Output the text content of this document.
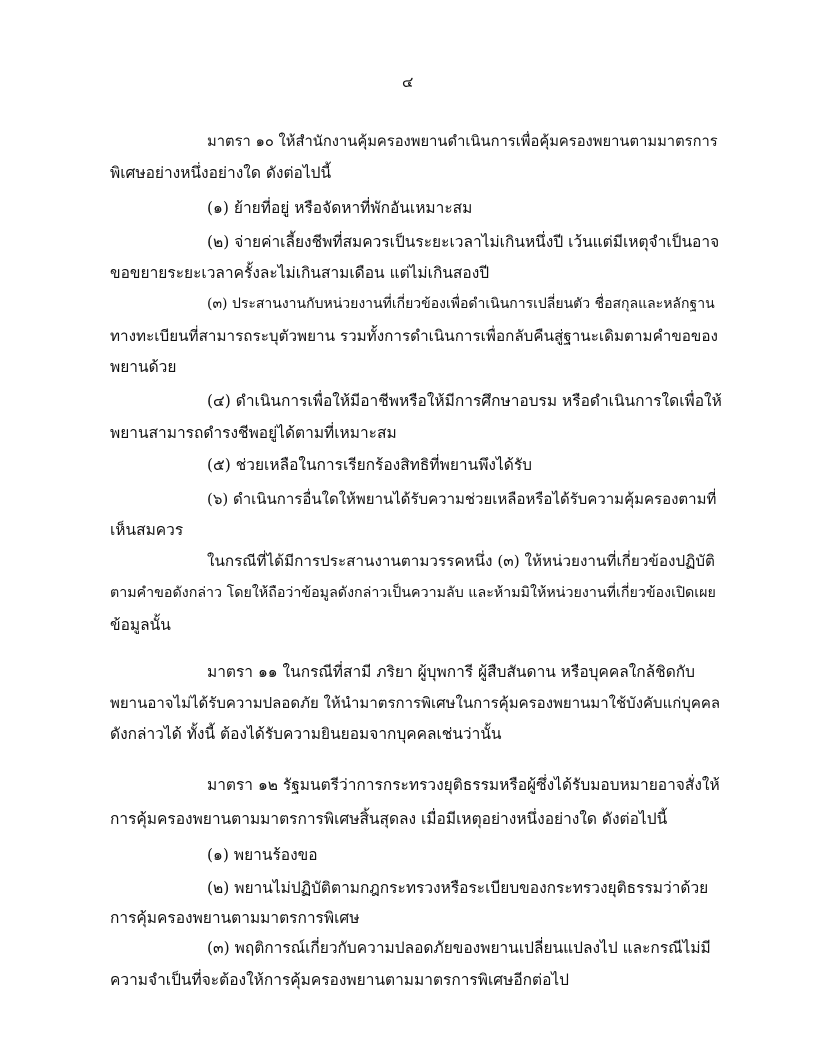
๔
มาตรา ๑๐ ให้สำนักงานคุ้มครองพยานดำเนินการเพื่อคุ้มครองพยานตามมาตรการ
พิเศษอย่างหนึ่งอย่างใด ดังต่อไปนี้
(๑) ย้ายที่อยู่ หรือจัดหาที่พักอันเหมาะสม
(๒) จ่ายค่าเลี้ยงชีพที่สมควรเป็นระยะเวลาไม่เกินหนึ่งปี เว้นแต่มีเหตุจำเป็นอาจ
ขอขยายระยะเวลาครั้งละไม่เกินสามเดือน แต่ไม่เกินสองปี
(๓) ประสานงานกับหน่วยงานที่เกี่ยวข้องเพื่อดำเนินการเปลี่ยนตัว ชื่อสกุลและหลักฐาน
ทางทะเบียนที่สามารถระบุตัวพยาน รวมทั้งการดำเนินการเพื่อกลับคืนสู่ฐานะเดิมตามคำขอของ
พยานด้วย
(๔) ดำเนินการเพื่อให้มีอาชีพหรือให้มีการศึกษาอบรม หรือดำเนินการใดเพื่อให้
พยานสามารถดำรงชีพอยู่ได้ตามที่เหมาะสม
(๕) ช่วยเหลือในการเรียกร้องสิทธิที่พยานพึงได้รับ
(๖) ดำเนินการอื่นใดให้พยานได้รับความช่วยเหลือหรือได้รับความคุ้มครองตามที่
เห็นสมควร
ในกรณีที่ได้มีการประสานงานตามวรรคหนึ่ง (๓) ให้หน่วยงานที่เกี่ยวข้องปฏิบัติ
ตามคำขอดังกล่าว โดยให้ถือว่าข้อมูลดังกล่าวเป็นความลับ และห้ามมิให้หน่วยงานที่เกี่ยวข้องเปิดเผย
ข้อมูลนั้น
มาตรา ๑๑ ในกรณีที่สามี ภริยา ผู้บุพการี ผู้สืบสันดาน หรือบุคคลใกล้ชิดกับ
พยานอาจไม่ได้รับความปลอดภัย ให้นำมาตรการพิเศษในการคุ้มครองพยานมาใช้บังคับแก่บุคคล
ดังกล่าวได้ ทั้งนี้ ต้องได้รับความยินยอมจากบุคคลเช่นว่านั้น
มาตรา ๑๒ รัฐมนตรีว่าการกระทรวงยุติธรรมหรือผู้ซึ่งได้รับมอบหมายอาจสั่งให้
การคุ้มครองพยานตามมาตรการพิเศษสิ้นสุดลง เมื่อมีเหตุอย่างหนึ่งอย่างใด ดังต่อไปนี้
(๑) พยานร้องขอ
(๒) พยานไม่ปฏิบัติตามกฎกระทรวงหรือระเบียบของกระทรวงยุติธรรมว่าด้วย
การคุ้มครองพยานตามมาตรการพิเศษ
(๓) พฤติการณ์เกี่ยวกับความปลอดภัยของพยานเปลี่ยนแปลงไป และกรณีไม่มี
ความจำเป็นที่จะต้องให้การคุ้มครองพยานตามมาตรการพิเศษอีกต่อไป
